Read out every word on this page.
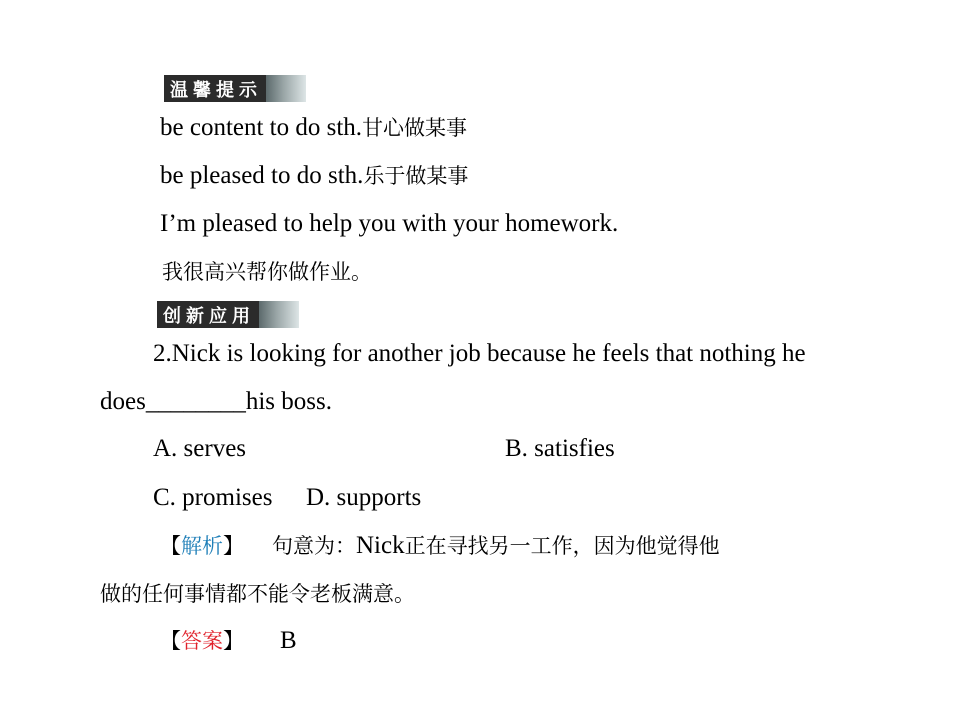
温馨提示
be content to do sth.甘心做某事
be pleased to do sth.乐于做某事
I’m pleased to help you with your homework.
我很高兴帮你做作业。
创新应用
2.Nick is looking for another job because he feels that nothing he
does________his boss.
A. serves	B. satisfies
C. promises D. supports
【解析】 句意为：Nick正在寻找另一工作，因为他觉得他
做的任何事情都不能令老板满意。
【答案】 B
